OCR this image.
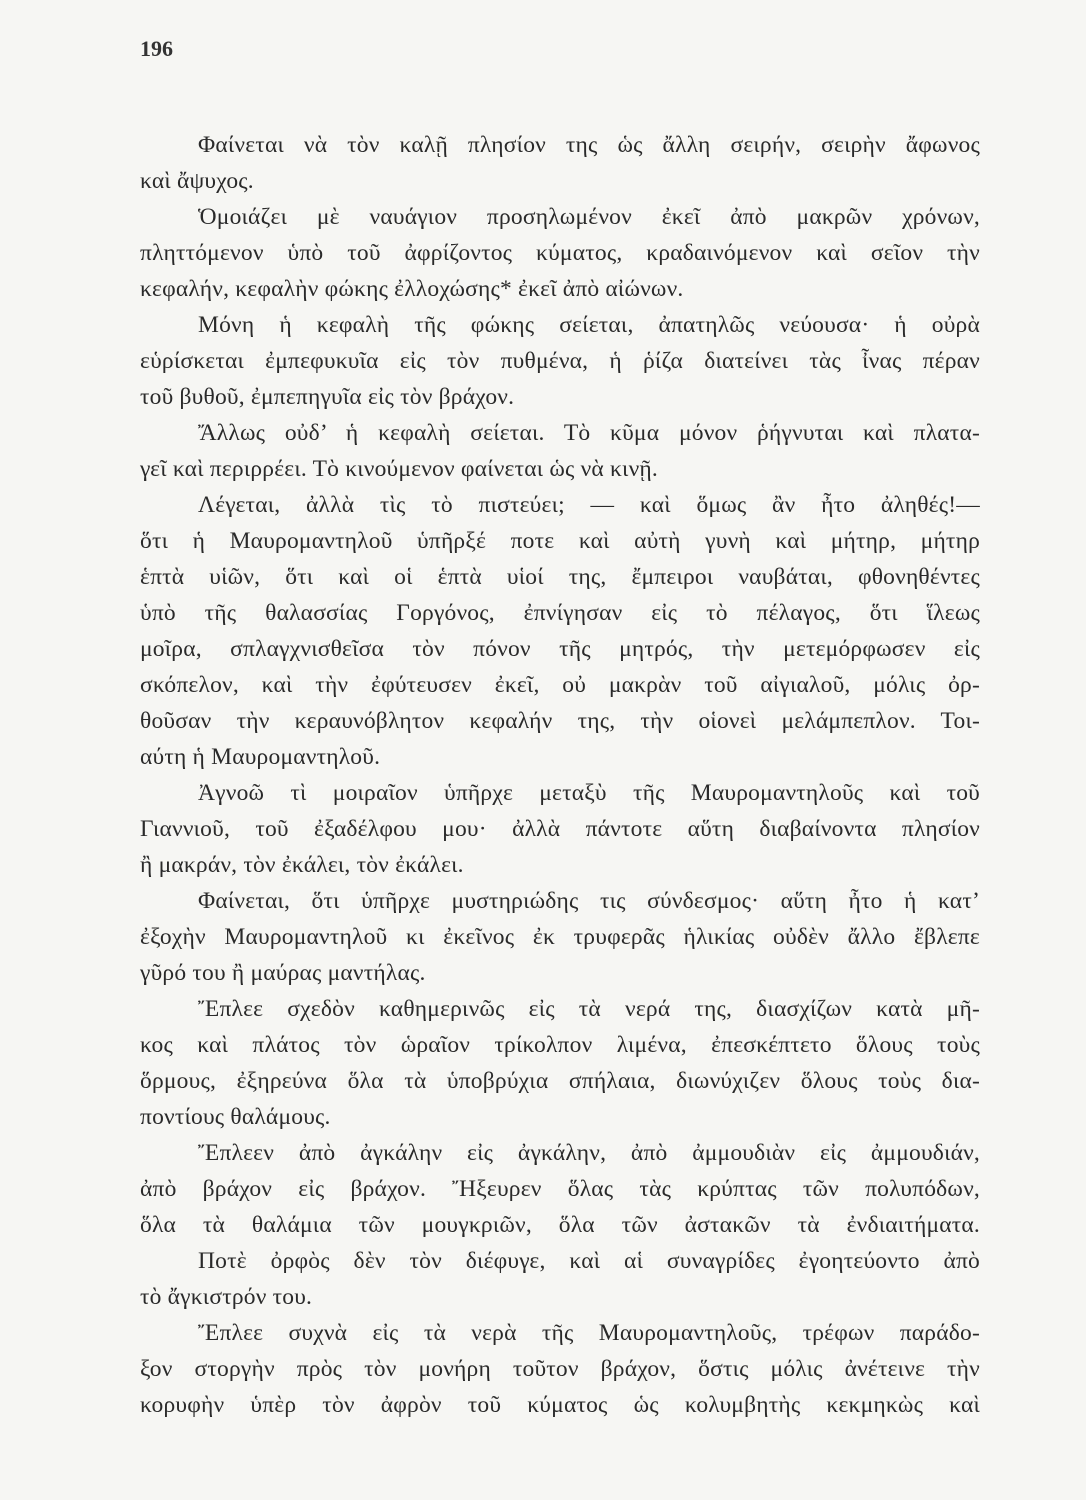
196
Φαίνεται νὰ τὸν καλῇ πλησίον της ὡς ἄλλη σειρήν, σειρὴν ἄφωνος
καὶ ἄψυχος.
Ὁμοιάζει μὲ ναυάγιον προσηλωμένον ἐκεῖ ἀπὸ μακρῶν χρόνων,
πληττόμενον ὑπὸ τοῦ ἀφρίζοντος κύματος, κραδαινόμενον καὶ σεῖον τὴν
κεφαλήν, κεφαλὴν φώκης ἐλλοχώσης* ἐκεῖ ἀπὸ αἰώνων.
Μόνη ἡ κεφαλὴ τῆς φώκης σείεται, ἀπατηλῶς νεύουσα· ἡ οὐρὰ
εὑρίσκεται ἐμπεφυκυῖα εἰς τὸν πυθμένα, ἡ ῥίζα διατείνει τὰς ἶνας πέραν
τοῦ βυθοῦ, ἐμπεπηγυῖα εἰς τὸν βράχον.
Ἄλλως οὐδ’ ἡ κεφαλὴ σείεται. Τὸ κῦμα μόνον ῥήγνυται καὶ πλατα-
γεῖ καὶ περιρρέει. Τὸ κινούμενον φαίνεται ὡς νὰ κινῇ.
Λέγεται, ἀλλὰ τὶς τὸ πιστεύει; — καὶ ὅμως ἂν ἦτο ἀληθές!—
ὅτι ἡ Μαυρομαντηλοῦ ὑπῆρξέ ποτε καὶ αὐτὴ γυνὴ καὶ μήτηρ, μήτηρ
ἑπτὰ υἱῶν, ὅτι καὶ οἱ ἑπτὰ υἱοί της, ἔμπειροι ναυβάται, φθονηθέντες
ὑπὸ τῆς θαλασσίας Γοργόνος, ἐπνίγησαν εἰς τὸ πέλαγος, ὅτι ἵλεως
μοῖρα, σπλαγχνισθεῖσα τὸν πόνον τῆς μητρός, τὴν μετεμόρφωσεν εἰς
σκόπελον, καὶ τὴν ἐφύτευσεν ἐκεῖ, οὐ μακρὰν τοῦ αἰγιαλοῦ, μόλις ὀρ-
θοῦσαν τὴν κεραυνόβλητον κεφαλήν της, τὴν οἱονεὶ μελάμπεπλον. Τοι-
αύτη ἡ Μαυρομαντηλοῦ.
Ἀγνοῶ τὶ μοιραῖον ὑπῆρχε μεταξὺ τῆς Μαυρομαντηλοῦς καὶ τοῦ
Γιαννιοῦ, τοῦ ἐξαδέλφου μου· ἀλλὰ πάντοτε αὕτη διαβαίνοντα πλησίον
ἢ μακράν, τὸν ἐκάλει, τὸν ἐκάλει.
Φαίνεται, ὅτι ὑπῆρχε μυστηριώδης τις σύνδεσμος· αὕτη ἦτο ἡ κατ’
ἐξοχὴν Μαυρομαντηλοῦ κι ἐκεῖνος ἐκ τρυφερᾶς ἡλικίας οὐδὲν ἄλλο ἔβλεπε
γῦρό του ἢ μαύρας μαντήλας.
Ἔπλεε σχεδὸν καθημερινῶς εἰς τὰ νερά της, διασχίζων κατὰ μῆ-
κος καὶ πλάτος τὸν ὡραῖον τρίκολπον λιμένα, ἐπεσκέπτετο ὅλους τοὺς
ὅρμους, ἐξηρεύνα ὅλα τὰ ὑποβρύχια σπήλαια, διωνύχιζεν ὅλους τοὺς δια-
ποντίους θαλάμους.
Ἔπλεεν ἀπὸ ἀγκάλην εἰς ἀγκάλην, ἀπὸ ἀμμουδιὰν εἰς ἀμμουδιάν,
ἀπὸ βράχον εἰς βράχον. Ἤξευρεν ὅλας τὰς κρύπτας τῶν πολυπόδων,
ὅλα τὰ θαλάμια τῶν μουγκριῶν, ὅλα τῶν ἀστακῶν τὰ ἐνδιαιτήματα.
Ποτὲ ὀρφὸς δὲν τὸν διέφυγε, καὶ αἱ συναγρίδες ἐγοητεύοντο ἀπὸ
τὸ ἄγκιστρόν του.
Ἔπλεε συχνὰ εἰς τὰ νερὰ τῆς Μαυρομαντηλοῦς, τρέφων παράδο-
ξον στοργὴν πρὸς τὸν μονήρη τοῦτον βράχον, ὅστις μόλις ἀνέτεινε τὴν
κορυφὴν ὑπὲρ τὸν ἀφρὸν τοῦ κύματος ὡς κολυμβητὴς κεκμηκὼς καὶ
